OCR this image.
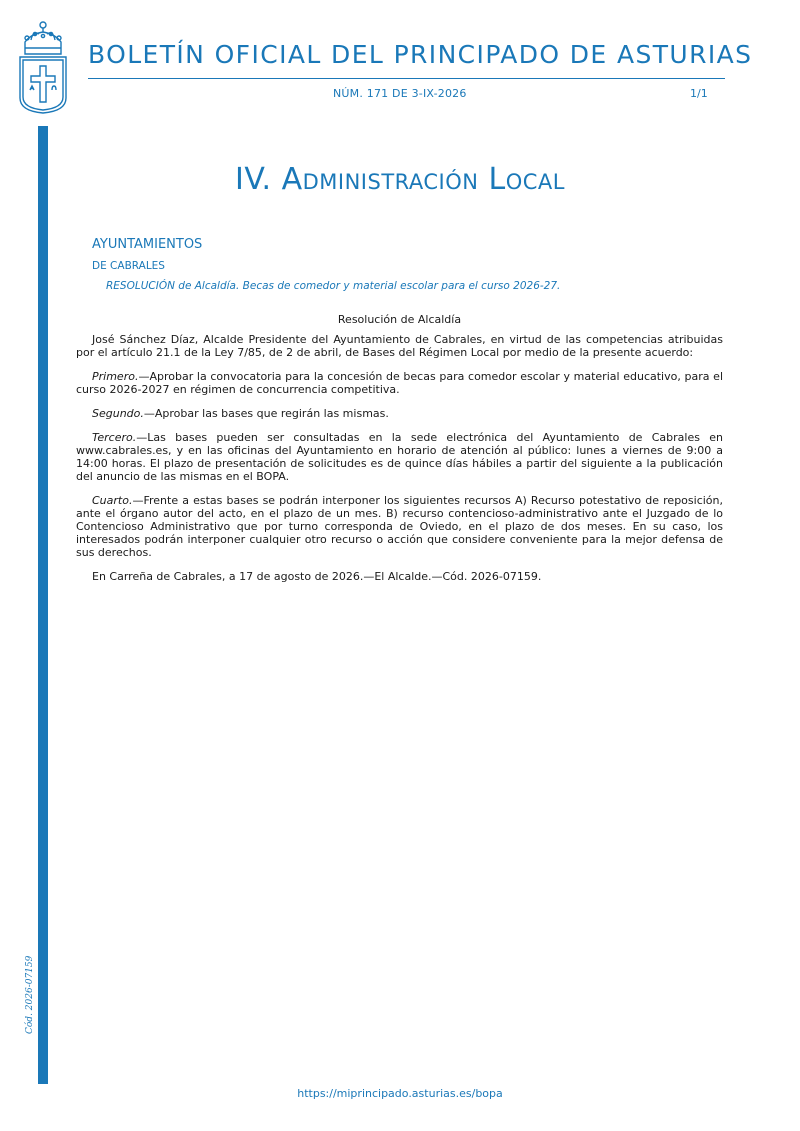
Cód. 2026-07159
BOLETÍN OFICIAL DEL PRINCIPADO DE ASTURIAS
NÚM. 171 DE 3-IX-2026	1/1
IV. Administración Local
AYUNTAMIENTOS
DE CABRALES
RESOLUCIÓN de Alcaldía. Becas de comedor y material escolar para el curso 2026-27.

Resolución de Alcaldía

José Sánchez Díaz, Alcalde Presidente del Ayuntamiento de Cabrales, en virtud de las competencias atribuidas por el artículo 21.1 de la Ley 7/85, de 2 de abril, de Bases del Régimen Local por medio de la presente acuerdo:

Primero.—Aprobar la convocatoria para la concesión de becas para comedor escolar y material educativo, para el curso 2026-2027 en régimen de concurrencia competitiva.

Segundo.—Aprobar las bases que regirán las mismas.

Tercero.—Las bases pueden ser consultadas en la sede electrónica del Ayuntamiento de Cabrales en www.cabrales.es, y en las oficinas del Ayuntamiento en horario de atención al público: lunes a viernes de 9:00 a 14:00 horas. El plazo de presentación de solicitudes es de quince días hábiles a partir del siguiente a la publicación del anuncio de las mismas en el BOPA.

Cuarto.—Frente a estas bases se podrán interponer los siguientes recursos A) Recurso potestativo de reposición, ante el órgano autor del acto, en el plazo de un mes. B) recurso contencioso-administrativo ante el Juzgado de lo Contencioso Administrativo que por turno corresponda de Oviedo, en el plazo de dos meses. En su caso, los interesados podrán interponer cualquier otro recurso o acción que considere conveniente para la mejor defensa de sus derechos.

En Carreña de Cabrales, a 17 de agosto de 2026.—El Alcalde.—Cód. 2026-07159.

https://miprincipado.asturias.es/bopa
